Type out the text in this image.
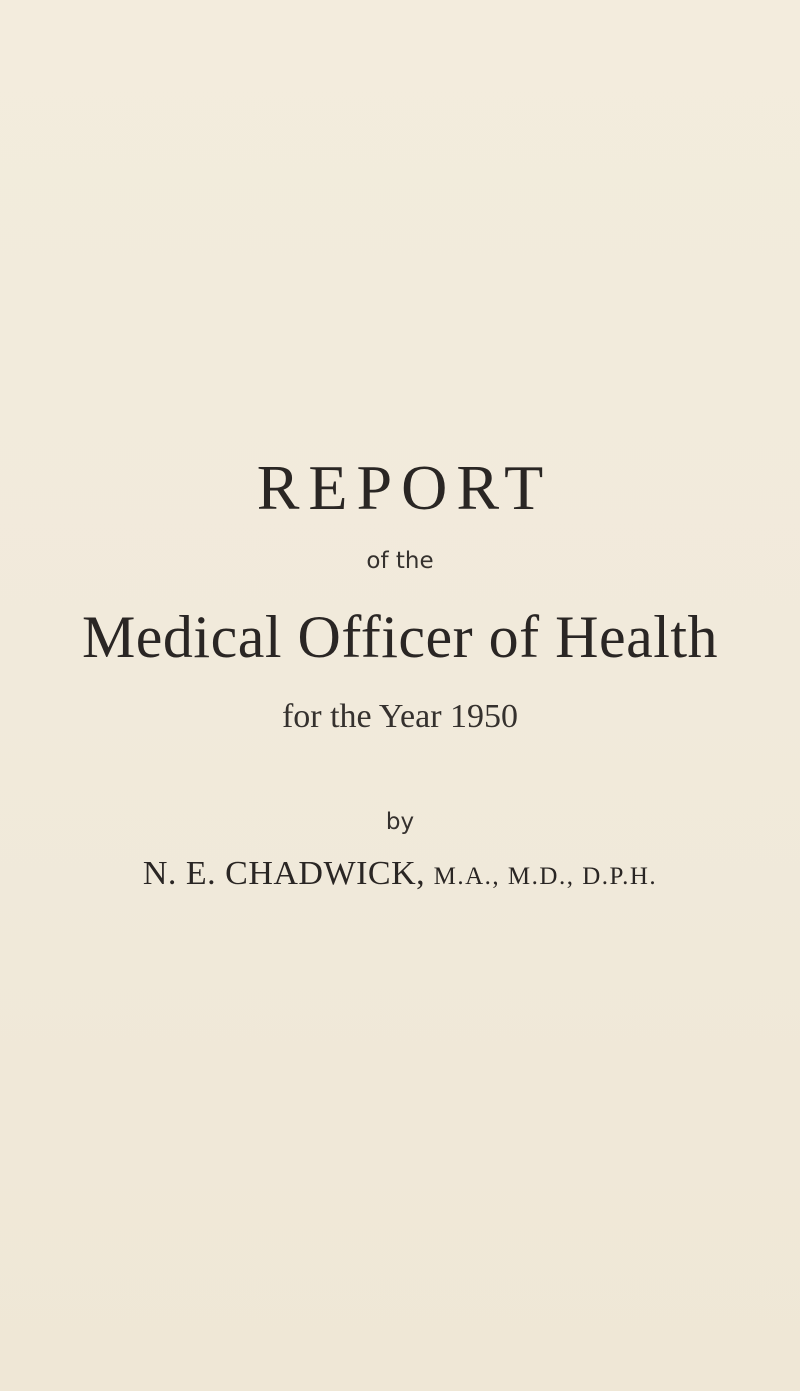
REPORT
of the
Medical Officer of Health
for the Year 1950
by
N. E. CHADWICK, M.A., M.D., D.P.H.
